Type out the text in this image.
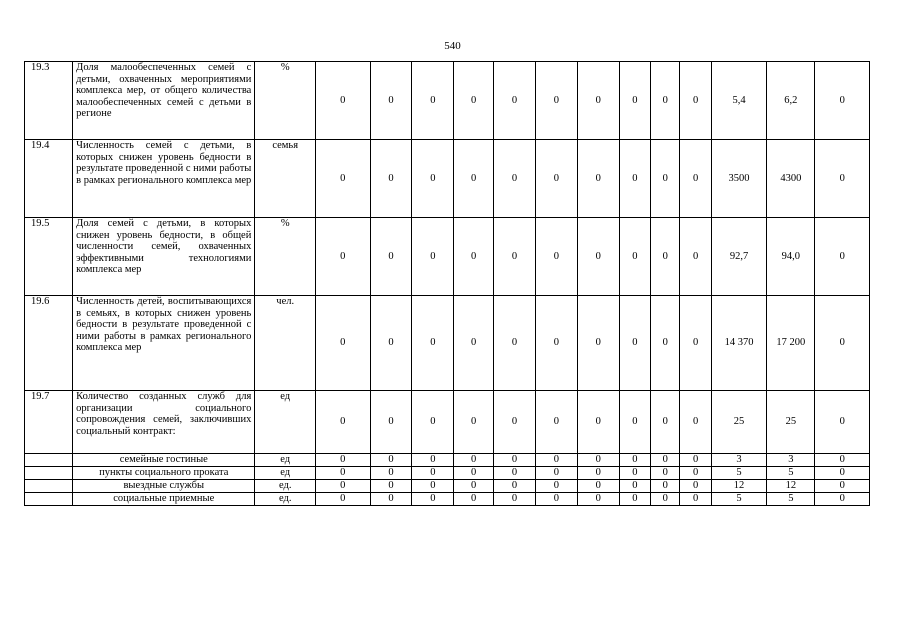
540
19.3	Доля малообеспеченных семей с детьми, охваченных мероприятиями комплекса мер, от общего количества малообеспеченных семей с детьми в регионе	%	0	0	0	0	0	0	0	0	0	0	5,4	6,2	0
19.4	Численность семей с детьми, в которых снижен уровень бедности в результате проведенной с ними работы в рамках регионального комплекса мер	семья	0	0	0	0	0	0	0	0	0	0	3500	4300	0
19.5	Доля семей с детьми, в которых снижен уровень бедности, в общей численности семей, охваченных эффективными технологиями комплекса мер	%	0	0	0	0	0	0	0	0	0	0	92,7	94,0	0
19.6	Численность детей, воспитывающихся в семьях, в которых снижен уровень бедности в результате проведенной с ними работы в рамках регионального комплекса мер	чел.	0	0	0	0	0	0	0	0	0	0	14 370	17 200	0
19.7	Количество созданных служб для организации социального сопровождения семей, заключивших социальный контракт:	ед	0	0	0	0	0	0	0	0	0	0	25	25	0
	семейные гостиные	ед	0	0	0	0	0	0	0	0	0	0	3	3	0
	пункты социального проката	ед	0	0	0	0	0	0	0	0	0	0	5	5	0
	выездные службы	ед.	0	0	0	0	0	0	0	0	0	0	12	12	0
	социальные приемные	ед.	0	0	0	0	0	0	0	0	0	0	5	5	0
